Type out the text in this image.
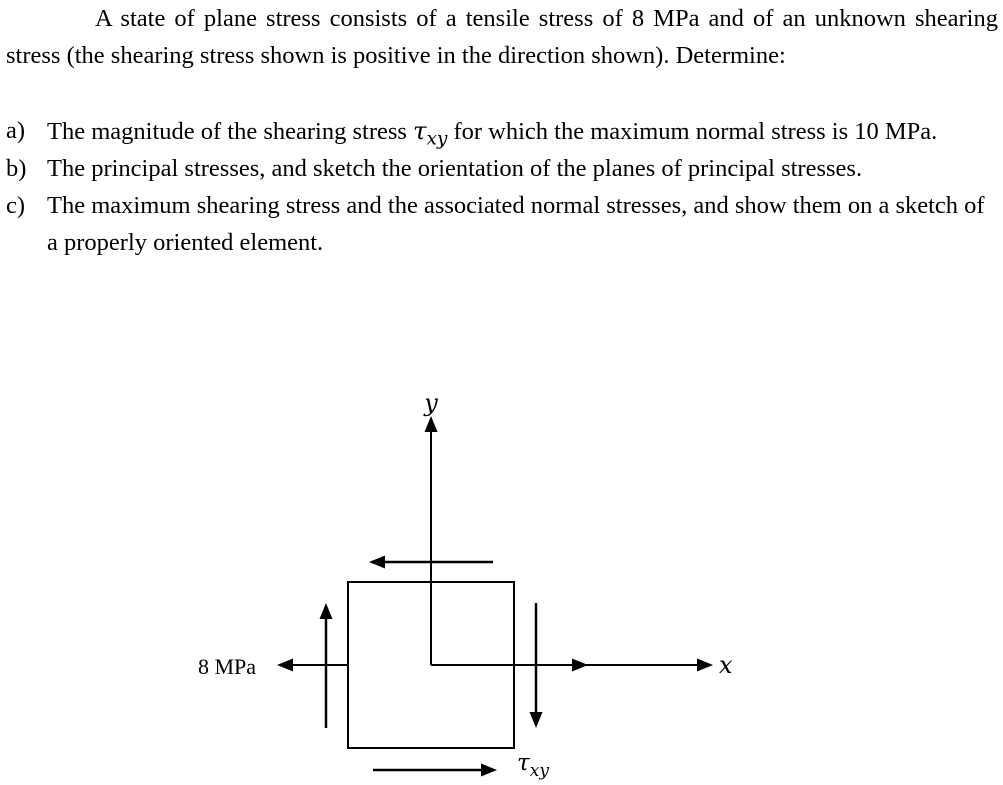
A state of plane stress consists of a tensile stress of 8 MPa and of an unknown shearing stress (the shearing stress shown is positive in the direction shown). Determine:

a) The magnitude of the shearing stress $\tau_{xy}$ for which the maximum normal stress is 10 MPa.
b) The principal stresses, and sketch the orientation of the planes of principal stresses.
c) The maximum shearing stress and the associated normal stresses, and show them on a sketch of a properly oriented element.
y
x
8 MPa
$\tau_{xy}$
